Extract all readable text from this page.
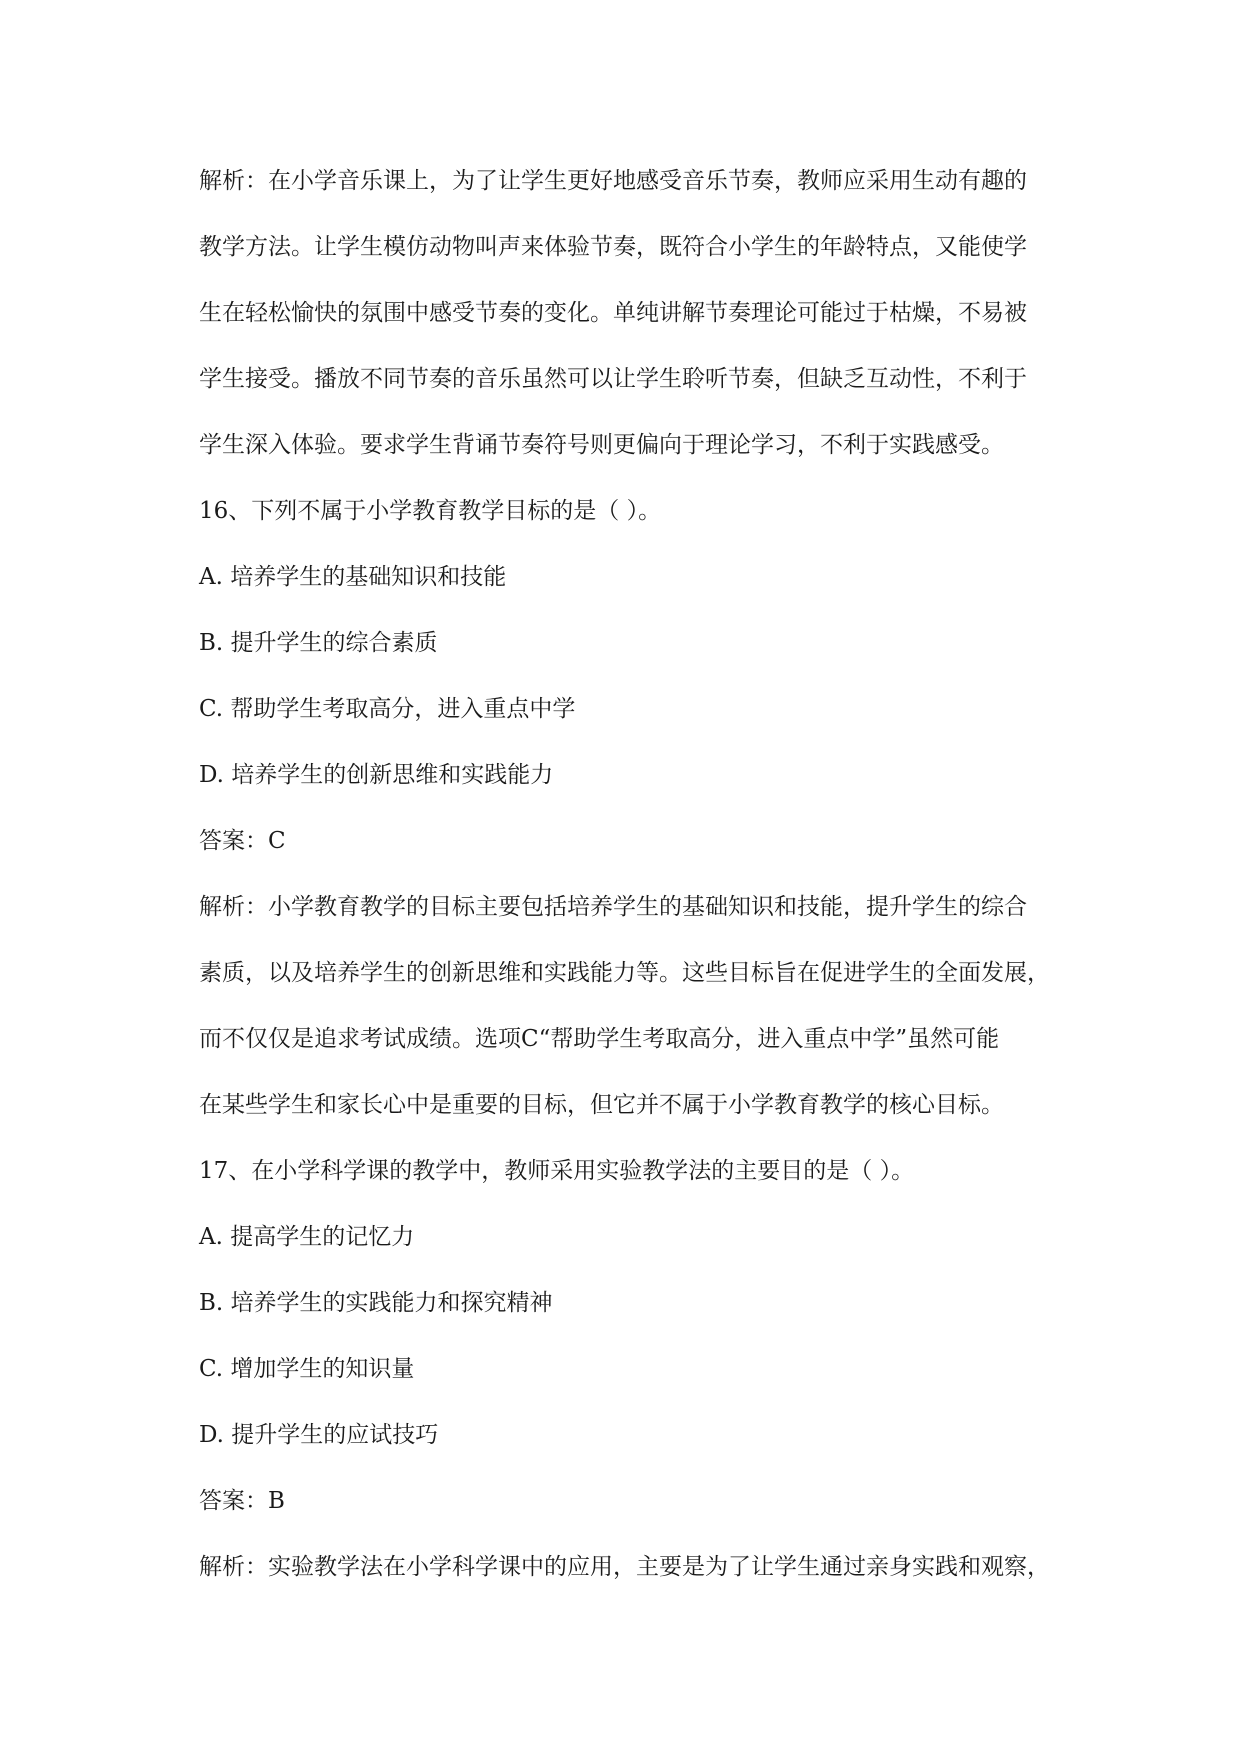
解析：在小学音乐课上，为了让学生更好地感受音乐节奏，教师应采用生动有趣的
教学方法。让学生模仿动物叫声来体验节奏，既符合小学生的年龄特点，又能使学
生在轻松愉快的氛围中感受节奏的变化。单纯讲解节奏理论可能过于枯燥，不易被
学生接受。播放不同节奏的音乐虽然可以让学生聆听节奏，但缺乏互动性，不利于
学生深入体验。要求学生背诵节奏符号则更偏向于理论学习，不利于实践感受。
16、下列不属于小学教育教学目标的是（ ）。
A. 培养学生的基础知识和技能
B. 提升学生的综合素质
C. 帮助学生考取高分，进入重点中学
D. 培养学生的创新思维和实践能力
答案：C
解析：小学教育教学的目标主要包括培养学生的基础知识和技能，提升学生的综合
素质，以及培养学生的创新思维和实践能力等。这些目标旨在促进学生的全面发展，
而不仅仅是追求考试成绩。选项C“帮助学生考取高分，进入重点中学”虽然可能
在某些学生和家长心中是重要的目标，但它并不属于小学教育教学的核心目标。
17、在小学科学课的教学中，教师采用实验教学法的主要目的是（ ）。
A. 提高学生的记忆力
B. 培养学生的实践能力和探究精神
C. 增加学生的知识量
D. 提升学生的应试技巧
答案：B
解析：实验教学法在小学科学课中的应用，主要是为了让学生通过亲身实践和观察，
